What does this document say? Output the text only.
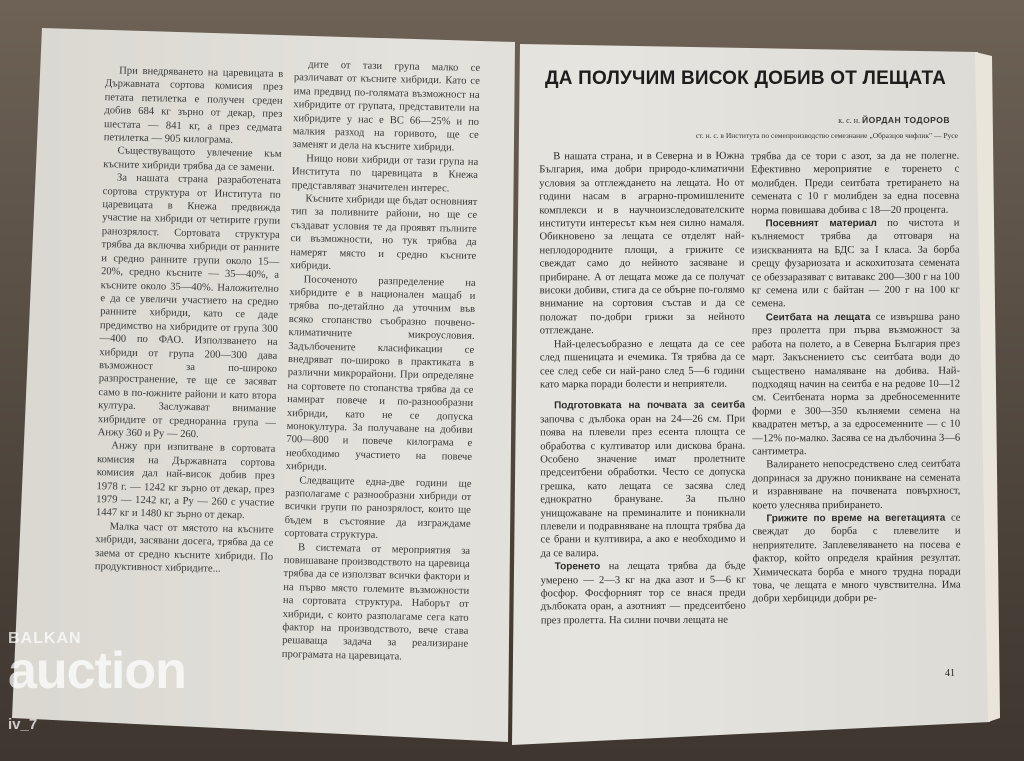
При внедряването на царевицата в Държавната сортова комисия през петата петилетка е получен среден добив 684 кг зърно от декар, през шестата — 841 кг, а през седмата петилетка — 905 килограма.

Съществуващото увлечение към късните хибриди трябва да се замени.

За нашата страна разработената сортова структура от Института по царевицата в Кнежа предвижда участие на хибриди от четирите групи ранозрялост. Сортовата структура трябва да включва хибриди от ранните и средно ранните групи около 15—20%, средно късните — 35—40%, а късните около 35—40%. Наложително е да се увеличи участието на средно ранните хибриди, като се даде предимство на хибридите от група 300—400 по ФАО. Използването на хибриди от група 200—300 дава възможност за по-широко разпространение, те ще се засяват само в по-южните райони и като втора култура. Заслужават внимание хибридите от средноранна група — Анжу 360 и Ру — 260.

Анжу при изпитване в сортовата комисия на Държавната сортова комисия дал най-висок добив през 1978 г. — 1242 кг зърно от декар, през 1979 — 1242 кг, а Ру — 260 с участие 1447 кг и 1480 кг зърно от декар.

Малка част от мястото на късните хибриди, засявани досега, трябва да се заема от средно късните хибриди. По продуктивност хибридите...

дите от тази група малко се различават от късните хибриди. Като се има предвид по-голямата възможност на хибридите от групата, представители на хибридите у нас е ВС 66—25% и по малкия разход на горивото, ще се заменят и дела на късните хибриди.

Нищо нови хибриди от тази група на Института по царевицата в Кнежа представляват значителен интерес.

Късните хибриди ще бъдат основният тип за поливните райони, но ще се създават условия те да проявят пълните си възможности, но тук трябва да намерят място и средно късните хибриди.

Посоченото разпределение на хибридите е в национален мащаб и трябва по-детайлно да уточним във всяко стопанство съобразно почвено-климатичните микроусловия. Задълбочените класификации се внедряват по-широко в практиката в различни микрорайони. При определяне на сортовете по стопанства трябва да се намират повече и по-разнообразни хибриди, като не се допуска монокултура. За получаване на добиви 700—800 и повече килограма е необходимо участието на повече хибриди.

Следващите една-две години ще разполагаме с разнообразни хибриди от всички групи по ранозрялост, които ще бъдем в състояние да изграждаме сортовата структура.

В системата от мероприятия за повишаване производството на царевица трябва да се използват всички фактори и на първо място големите възможности на сортовата структура. Наборът от хибриди, с които разполагаме сега като фактор на производството, вече става решаваща задача за реализиране програмата на царевицата.

ДА ПОЛУЧИМ ВИСОК ДОБИВ ОТ ЛЕЩАТА
к. с. н. ЙОРДАН ТОДОРОВ
ст. н. с. в Института по семепроизводство семезнание „Образцов чифлик" — Русе

В нашата страна, и в Северна и в Южна България, има добри природо-климатични условия за отглеждането на лещата. Но от години насам в аграрно-промишлените комплекси и в научноизследователските институти интересът към нея силно намаля. Обикновено за лещата се отделят най-неплодородните площи, а грижите се свеждат само до нейното засяване и прибиране. А от лещата може да се получат високи добиви, стига да се обърне по-голямо внимание на сортовия състав и да се положат по-добри грижи за нейното отглеждане.

Най-целесъобразно е лещата да се сее след пшеницата и ечемика. Тя трябва да се сее след себе си най-рано след 5—6 години като марка поради болести и неприятели.

Подготовката на почвата за сеитба започва с дълбока оран на 24—26 см. При поява на плевели през есента площта се обработва с култиватор или дискова брана. Особено значение имат пролетните предсеитбени обработки. Често се допуска грешка, като лещата се засява след еднократно брануване. За пълно унищожаване на преминалите и поникнали плевели и подравняване на площта трябва да се брани и култивира, а ако е необходимо и да се валира.

Торенето на лещата трябва да бъде умерено — 2—3 кг на дка азот и 5—6 кг фосфор. Фосфорният тор се внася преди дълбоката оран, а азотният — предсеитбено през пролетта. На силни почви лещата не

трябва да се тори с азот, за да не полегне. Ефективно мероприятие е торенето с молибден. Преди сеитбата третирането на семената с 10 г молибден за една посевна норма повишава добива с 18—20 процента.

Посевният материал по чистота и кълняемост трябва да отговаря на изискванията на БДС за I класа. За борба срещу фузариозата и аскохитозата семената се обеззаразяват с витавакс 200—300 г на 100 кг семена или с байтан — 200 г на 100 кг семена.

Сеитбата на лещата се извършва рано през пролетта при първа възможност за работа на полето, а в Северна България през март. Закъснението със сеитбата води до съществено намаляване на добива. Най-подходящ начин на сеитба е на редове 10—12 см. Сеитбената норма за дребносеменните форми е 300—350 кълняеми семена на квадратен метър, а за едросеменните — с 10—12% по-малко. Засява се на дълбочина 3—6 сантиметра.

Валирането непосредствено след сеитбата допринася за дружно поникване на семената и изравняване на почвената повърхност, което улеснява прибирането.

Грижите по време на вегетацията се свеждат до борба с плевелите и неприятелите. Заплевеляването на посева е фактор, който определя крайния резултат. Химическата борба е много трудна поради това, че лещата е много чувствителна. Има добри хербициди добри ре-

41
BALKAN
auction
iv_7
